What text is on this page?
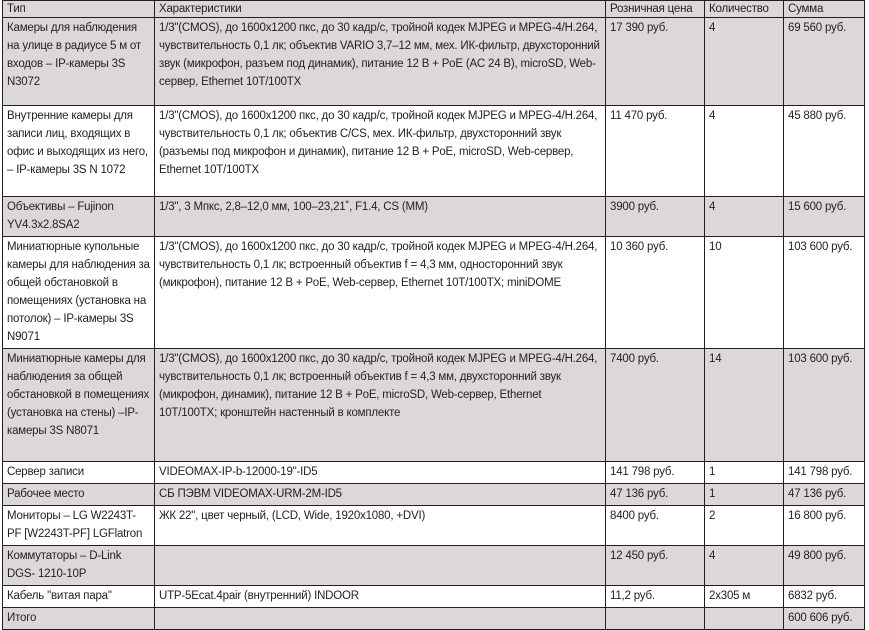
Тип	Характеристики	Розничная цена	Количество	Сумма
Камеры для наблюдения на улице в радиусе 5 м от входов – IP-камеры 3S N3072	1/3"(CMOS), до 1600x1200 пкс, до 30 кадр/с, тройной кодек MJPEG и MPEG-4/H.264, чувствительность 0,1 лк; объектив VARIO 3,7–12 мм, мех. ИК-фильтр, двухсторонний звук (микрофон, разъем под динамик), питание 12 В + PoE (AC 24 В), microSD, Web-сервер, Ethernet 10T/100TX	17 390 руб.	4	69 560 руб.
Внутренние камеры для записи лиц, входящих в офис и выходящих из него, – IP-камеры 3S N 1072	1/3"(CMOS), до 1600x1200 пкс, до 30 кадр/с, тройной кодек MJPEG и MPEG-4/H.264, чувствительность 0,1 лк; объектив C/CS, мех. ИК-фильтр, двухсторонний звук (разъемы под микрофон и динамик), питание 12 В + PoE, microSD, Web-сервер, Ethernet 10T/100TX	11 470 руб.	4	45 880 руб.
Объективы – Fujinon YV4.3x2.8SA2	1/3", 3 Мпкс, 2,8–12,0 мм, 100–23,21˚, F1.4, CS (ММ)	3900 руб.	4	15 600 руб.
Миниатюрные купольные камеры для наблюдения за общей обстановкой в помещениях (установка на потолок) – IP-камеры 3S N9071	1/3"(CMOS), до 1600x1200 пкс, до 30 кадр/с, тройной кодек MJPEG и MPEG-4/H.264, чувствительность 0,1 лк; встроенный объектив f = 4,3 мм, односторонний звук (микрофон), питание 12 В + PoE, Web-сервер, Ethernet 10T/100TX; miniDOME	10 360 руб.	10	103 600 руб.
Миниатюрные камеры для наблюдения за общей обстановкой в помещениях (установка на стены) –IP-камеры 3S N8071	1/3"(CMOS), до 1600x1200 пкс, до 30 кадр/с, тройной кодек MJPEG и MPEG-4/H.264, чувствительность 0,1 лк; встроенный объектив f = 4,3 мм, двухсторонний звук (микрофон, динамик), питание 12 В + PoE, microSD, Web-сервер, Ethernet 10T/100TX; кронштейн настенный в комплекте	7400 руб.	14	103 600 руб.
Сервер записи	VIDEOMAX-IP-b-12000-19"-ID5	141 798 руб.	1	141 798 руб.
Рабочее место	СБ ПЭВМ VIDEOMAX-URM-2M-ID5	47 136 руб.	1	47 136 руб.
Мониторы – LG W2243T-PF [W2243T-PF] LGFlatron	ЖК 22", цвет черный, (LCD, Wide, 1920x1080, +DVI)	8400 руб.	2	16 800 руб.
Коммутаторы – D-Link DGS- 1210-10P		12 450 руб.	4	49 800 руб.
Кабель "витая пара"	UTP-5Ecat.4pair (внутренний) INDOOR	11,2 руб.	2x305 м	6832 руб.
Итого				600 606 руб.
